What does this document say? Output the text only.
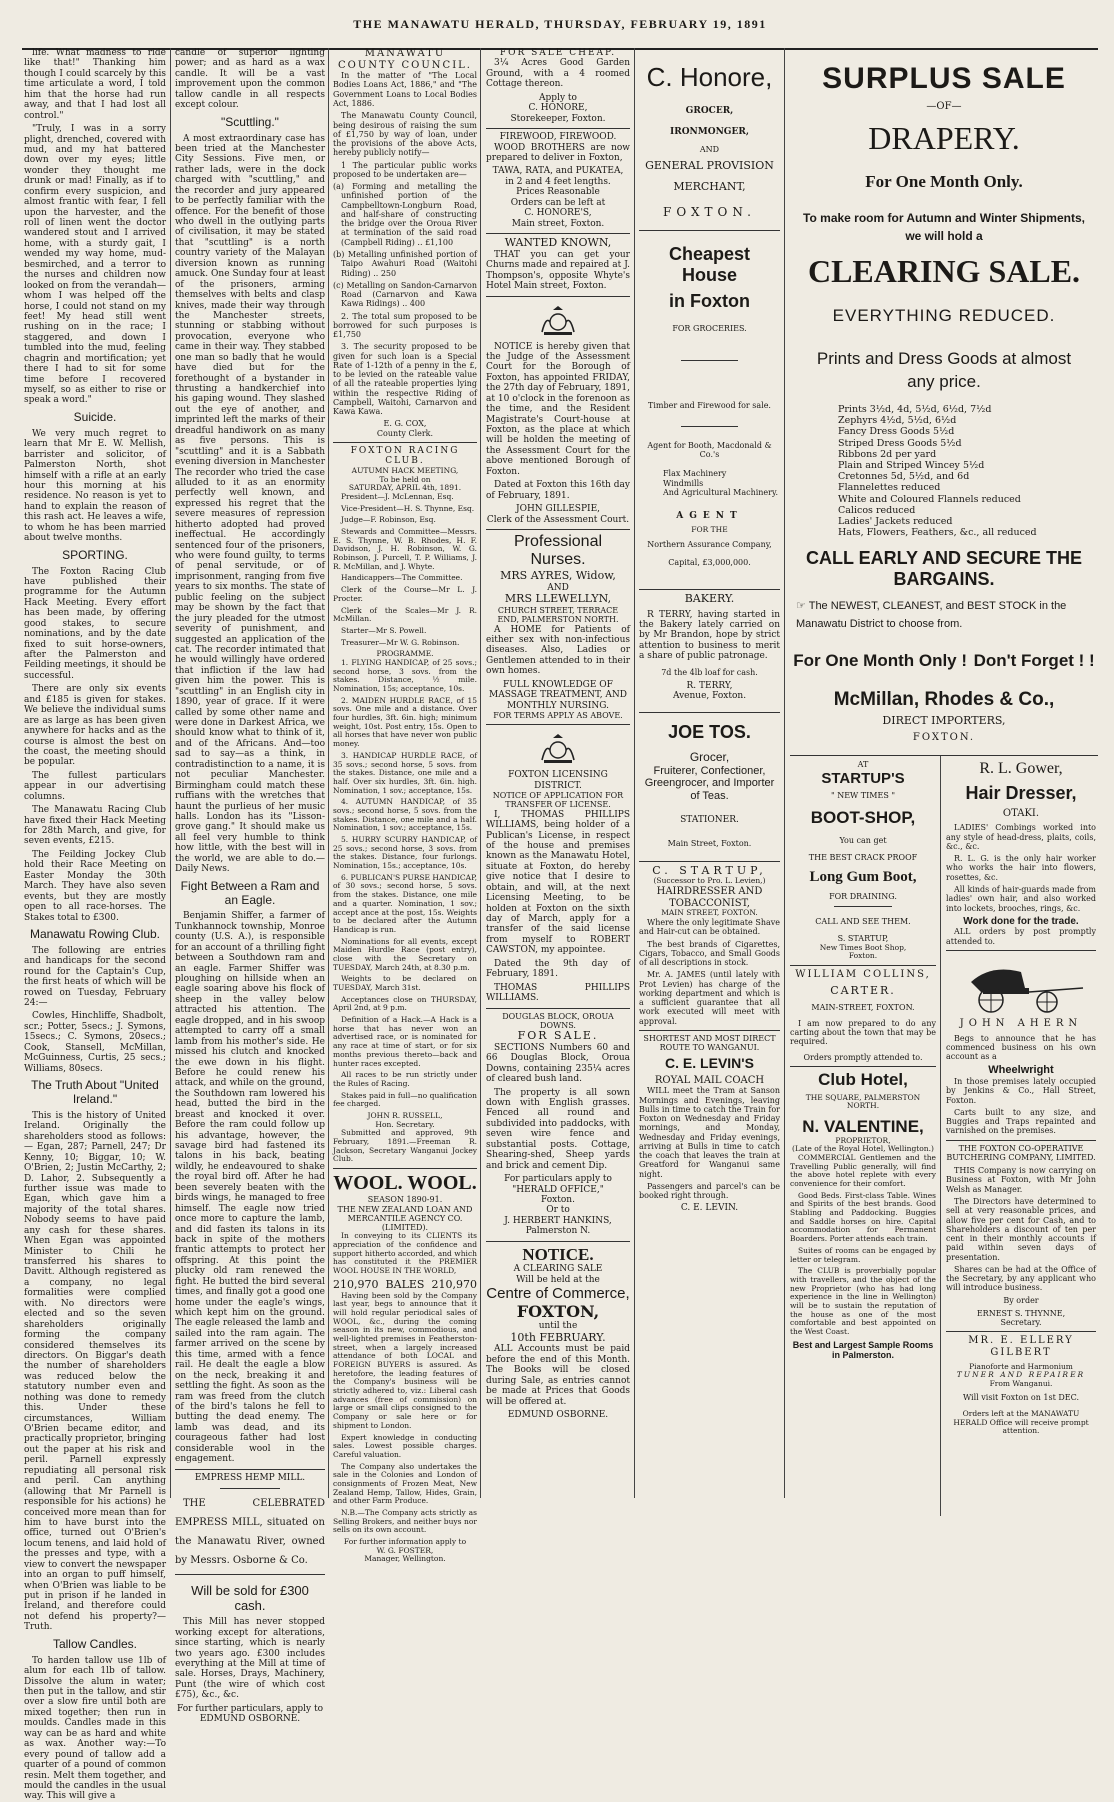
THE MANAWATU HERALD, THURSDAY, FEBRUARY 19, 1891

life. What madness to ride like that!" Thanking him though I could scarcely by this time articulate a word, I told him that the horse had run away, and that I had lost all control."

"Truly, I was in a sorry plight, drenched, covered with mud, and my hat battered down over my eyes; little wonder they thought me drunk or mad! Finally, as if to confirm every suspicion, and almost frantic with fear, I fell upon the harvester, and the roll of linen went the doctor wandered stout and I arrived home, with a sturdy gait, I wended my way home, mud-besmirched, and a terror to the nurses and children now looked on from the verandah—whom I was helped off the horse, I could not stand on my feet! My head still went rushing on in the race; I staggered, and down I tumbled into the mud, feeling chagrin and mortification; yet there I had to sit for some time before I recovered myself, so as either to rise or speak a word."

Suicide.

We very much regret to learn that Mr E. W. Mellish, barrister and solicitor, of Palmerston North, shot himself with a rifle at an early hour this morning at his residence. No reason is yet to hand to explain the reason of this rash act. He leaves a wife, to whom he has been married about twelve months.

SPORTING.

The Foxton Racing Club have published their programme for the Autumn Hack Meeting. Every effort has been made, by offering good stakes, to secure nominations, and by the date fixed to suit horse-owners, after the Palmerston and Feilding meetings, it should be successful.

There are only six events and £185 is given for stakes. We believe the individual sums are as large as has been given anywhere for hacks and as the course is almost the best on the coast, the meeting should be popular.

The fullest particulars appear in our advertising columns.

The Manawatu Racing Club have fixed their Hack Meeting for 28th March, and give, for seven events, £215.

The Feilding Jockey Club hold their Race Meeting on Easter Monday the 30th March. They have also seven events, but they are mostly open to all race-horses. The Stakes total to £300.

Manawatu Rowing Club.

The following are entries and handicaps for the second round for the Captain's Cup, the first heats of which will be rowed on Tuesday, February 24:—

Cowles, Hinchliffe, Shadbolt, scr.; Potter, 5secs.; J. Symons, 15secs.; C. Symons, 20secs.; Cook, Stansell, McMillan, McGuinness, Curtis, 25 secs.; Williams, 80secs.

The Truth About "United Ireland."

This is the history of United Ireland. Originally the shareholders stood as follows:— Egan, 287; Parnell, 247; Dr Kenny, 10; Biggar, 10; W. O'Brien, 2; Justin McCarthy, 2; D. Lahor, 2. Subsequently a further issue was made to Egan, which gave him a majority of the total shares. Nobody seems to have paid any cash for these shares. When Egan was appointed Minister to Chili he transferred his shares to Davitt. Although registered as a company, no legal formalities were complied with. No directors were elected and so the seven shareholders originally forming the company considered themselves its directors. On Biggar's death the number of shareholders was reduced below the statutory number even and nothing was done to remedy this. Under these circumstances, William O'Brien became editor, and practically proprietor, bringing out the paper at his risk and peril. Parnell expressly repudiating all personal risk and peril. Can anything (allowing that Mr Parnell is responsible for his actions) he conceived more mean than for him to have burst into the office, turned out O'Brien's locum tenens, and laid hold of the presses and type, with a view to convert the newspaper into an organ to puff himself, when O'Brien was liable to be put in prison if he landed in Ireland, and therefore could not defend his property?— Truth.

Tallow Candles.

To harden tallow use 1lb of alum for each 1lb of tallow. Dissolve the alum in water; then put in the tallow, and stir over a slow fire until both are mixed together; then run in moulds. Candles made in this way can be as hard and white as wax. Another way:—To every pound of tallow add a quarter of a pound of common resin. Melt them together, and mould the candles in the usual way. This will give a

candle of superior lighting power; and as hard as a wax candle. It will be a vast improvement upon the common tallow candle in all respects except colour.

"Scuttling."

A most extraordinary case has been tried at the Manchester City Sessions. Five men, or rather lads, were in the dock charged with "scuttling," and the recorder and jury appeared to be perfectly familiar with the offence. For the benefit of those who dwell in the outlying parts of civilisation, it may be stated that "scuttling" is a north country variety of the Malayan diversion known as running amuck. One Sunday four at least of the prisoners, arming themselves with belts and clasp knives, made their way through the Manchester streets, stunning or stabbing without provocation, everyone who came in their way. They stabbed one man so badly that he would have died but for the forethought of a bystander in thrusting a handkerchief into his gaping wound. They slashed out the eye of another, and imprinted left the marks of their dreadful handiwork on as many as five persons. This is "scuttling" and it is a Sabbath evening diversion in Manchester The recorder who tried the case alluded to it as an enormity perfectly well known, and expressed his regret that the severe measures of repression hitherto adopted had proved ineffectual. He accordingly sentenced four of the prisoners, who were found guilty, to terms of penal servitude, or of imprisonment, ranging from five years to six months. The state of public feeling on the subject may be shown by the fact that the jury pleaded for the utmost severity of punishment, and suggested an application of the cat. The recorder intimated that he would willingly have ordered that infliction if the law had given him the power. This is "scuttling" in an English city in 1890, year of grace. If it were called by some other name and were done in Darkest Africa, we should know what to think of it, and of the Africans. And—too sad to say—as a think, in contradistinction to a name, it is not peculiar Manchester. Birmingham could match these ruffians with the wretches that haunt the purlieus of her music halls. London has its "Lisson-grove gang." It should make us all feel very humble to think how little, with the best will in the world, we are able to do.—Daily News.

Fight Between a Ram and an Eagle.

Benjamin Shiffer, a farmer of Tunkhannock township, Monroe county (U.S. A.), is responsible for an account of a thrilling fight between a Southdown ram and an eagle. Farmer Shiffer was ploughing on hillside when an eagle soaring above his flock of sheep in the valley below attracted his attention. The eagle dropped, and in his swoop attempted to carry off a small lamb from his mother's side. He missed his clutch and knocked the ewe down in his flight. Before he could renew his attack, and while on the ground, the Southdown ram lowered his head, butted the bird in the breast and knocked it over. Before the ram could follow up his advantage, however, the savage bird had fastened its talons in his back, beating wildly, he endeavoured to shake the royal bird off. After he had been severely beaten with the birds wings, he managed to free himself. The eagle now tried once more to capture the lamb, and did fasten its talons in its back in spite of the mothers frantic attempts to protect her offspring. At this point the plucky old ram renewed the fight. He butted the bird several times, and finally got a good one home under the eagle's wings, which kept him on the ground. The eagle released the lamb and sailed into the ram again. The farmer arrived on the scene by this time, armed with a fence rail. He dealt the eagle a blow on the neck, breaking it and settling the fight. As soon as the ram was freed from the clutch of the bird's talons he fell to butting the dead enemy. The lamb was dead, and its courageous father had lost considerable wool in the engagement.

EMPRESS HEMP MILL.

THE CELEBRATED EMPRESS MILL, situated on the Manawatu River, owned by Messrs. Osborne & Co.

Will be sold for £300 cash.

This Mill has never stopped working except for alterations, since starting, which is nearly two years ago. £300 includes everything at the Mill at time of sale. Horses, Drays, Machinery, Punt (the wire of which cost £75), &c., &c.

For further particulars, apply to
EDMUND OSBORNE.
MANAWATU COUNTY COUNCIL.

In the matter of "The Local Bodies Loans Act, 1886," and "The Government Loans to Local Bodies Act, 1886.

The Manawatu County Council, being desirous of raising the sum of £1,750 by way of loan, under the provisions of the above Acts, hereby publicly notify—

1 The particular public works proposed to be undertaken are—

(a) Forming and metalling the unfinished portion of the Campbelltown-Longburn Road, and half-share of constructing the bridge over the Oroua River at termination of the said road (Campbell Riding) .. £1,100

(b) Metalling unfinished portion of Taipo Awahuri Road (Waitohi Riding) .. 250

(c) Metalling on Sandon-Carnarvon Road (Carnarvon and Kawa Kawa Ridings) .. 400

2. The total sum proposed to be borrowed for such purposes is £1,750

3. The security proposed to be given for such loan is a Special Rate of 1-12th of a penny in the £, to be levied on the rateable value of all the rateable properties lying within the respective Riding of Campbell, Waitohi, Carnarvon and Kawa Kawa.

E. G. COX,
County Clerk.
FOXTON RACING CLUB.
AUTUMN HACK MEETING,
To be held on
SATURDAY, APRIL 4th, 1891.

President—J. McLennan, Esq.

Vice-President—H. S. Thynne, Esq.

Judge—F. Robinson, Esq.

Stewards and Committee—Messrs. E. S. Thynne, W. B. Rhodes, H. F. Davidson, J. H. Robinson, W. G. Robinson, J. Purcell, T. P. Williams, J. R. McMillan, and J. Whyte.

Handicappers—The Committee.

Clerk of the Course—Mr L. J. Procter.

Clerk of the Scales—Mr J. R. McMillan.

Starter—Mr S. Powell.

Treasurer—Mr W. G. Robinson.

PROGRAMME.

1. FLYING HANDICAP, of 25 sovs.; second horse, 3 sovs. from the stakes. Distance, ½ mile. Nomination, 15s; acceptance, 10s.

2. MAIDEN HURDLE RACE, of 15 sovs. One mile and a distance. Over four hurdles, 3ft. 6in. high; minimum weight, 10st. Post entry, 15s. Open to all horses that have never won public money.

3. HANDICAP HURDLE RACE, of 35 sovs.; second horse, 5 sovs. from the stakes. Distance, one mile and a half. Over six hurdles, 3ft. 6in. high. Nomination, 1 sov.; acceptance, 15s.

4. AUTUMN HANDICAP, of 35 sovs.; second horse, 5 sovs. from the stakes. Distance, one mile and a half. Nomination, 1 sov.; acceptance, 15s.

5. HURRY SCURRY HANDICAP, of 25 sovs.; second horse, 3 sovs. from the stakes. Distance, four furlongs. Nomination, 15s.; acceptance, 10s.

6. PUBLICAN'S PURSE HANDICAP, of 30 sovs.; second horse, 5 sovs. from the stakes. Distance, one mile and a quarter. Nomination, 1 sov.; accept ance at the post, 15s. Weights to be declared after the Autumn Handicap is run.

Nominations for all events, except Maiden Hurdle Race (post entry), close with the Secretary on TUESDAY, March 24th, at 8.30 p.m.

Weights to be declared on TUESDAY, March 31st.

Acceptances close on THURSDAY, April 2nd, at 9 p.m.

Definition of a Hack.—A Hack is a horse that has never won an advertised race, or is nominated for any race at time of start, or for six months previous thereto—back and hunter races excepted.

All races to be run strictly under the Rules of Racing.

Stakes paid in full—no qualification fee charged.

JOHN R. RUSSELL,
Hon. Secretary.

Submitted and approved, 9th February, 1891.—Freeman R. Jackson, Secretary Wanganui Jockey Club.

WOOL. WOOL.
SEASON 1890-91.
THE NEW ZEALAND LOAN AND MERCANTILE AGENCY CO.
(LIMITED).

In conveying to its CLIENTS its appreciation of the confidence and support hitherto accorded, and which has constituted it the PREMIER WOOL HOUSE IN THE WORLD,

210,970 BALES 210,970

Having been sold by the Company last year, begs to announce that it will hold regular periodical sales of WOOL, &c., during the coming season in its new, commodious, and well-lighted premises in Featherston-street, when a largely increased attendance of both LOCAL and FOREIGN BUYERS is assured. As heretofore, the leading features of the Company's business will be strictly adhered to, viz.: Liberal cash advances (free of commission) on large or small clips consigned to the Company or sale here or for shipment to London.

Expert knowledge in conducting sales. Lowest possible charges. Careful valuation.

The Company also undertakes the sale in the Colonies and London of consignments of Frozen Meat, New Zealand Hemp, Tallow, Hides, Grain, and other Farm Produce.

N.B.—The Company acts strictly as Selling Brokers, and neither buys nor sells on its own account.

For further information apply to
W. G. FOSTER,
Manager, Wellington.
FOR SALE CHEAP.

3¼ Acres Good Garden Ground, with a 4 roomed Cottage thereon.

Apply to
C. HONORE,
Storekeeper, Foxton.
FIREWOOD, FIREWOOD.

WOOD BROTHERS are now prepared to deliver in Foxton,

TAWA, RATA, and PUKATEA,
in 2 and 4 feet lengths.
Prices Reasonable
Orders can be left at
C. HONORE'S,
Main street, Foxton.
WANTED KNOWN,

THAT you can get your Churns made and repaired at J. Thompson's, opposite Whyte's Hotel Main street, Foxton.

NOTICE is hereby given that the Judge of the Assessment Court for the Borough of Foxton, has appointed FRIDAY, the 27th day of February, 1891, at 10 o'clock in the forenoon as the time, and the Resident Magistrate's Court-house at Foxton, as the place at which will be holden the meeting of the Assessment Court for the above mentioned Borough of Foxton.

Dated at Foxton this 16th day of February, 1891.

JOHN GILLESPIE,
Clerk of the Assessment Court.
Professional Nurses.
MRS AYRES, Widow,
AND
MRS LLEWELLYN,
CHURCH STREET, TERRACE END, PALMERSTON NORTH.

A HOME for Patients of either sex with non-infectious diseases. Also, Ladies or Gentlemen attended to in their own homes.

FULL KNOWLEDGE OF MASSAGE TREATMENT, AND MONTHLY NURSING.
FOR TERMS APPLY AS ABOVE.
FOXTON LICENSING DISTRICT.
NOTICE OF APPLICATION FOR TRANSFER OF LICENSE.

I, THOMAS PHILLIPS WILLIAMS, being holder of a Publican's License, in respect of the house and premises known as the Manawatu Hotel, situate at Foxton, do hereby give notice that I desire to obtain, and will, at the next Licensing Meeting, to be holden at Foxton on the sixth day of March, apply for a transfer of the said license from myself to ROBERT CAWSTON, my appointee.

Dated the 9th day of February, 1891.

THOMAS PHILLIPS WILLIAMS.

DOUGLAS BLOCK, OROUA DOWNS.
FOR SALE.

SECTIONS Numbers 60 and 66 Douglas Block, Oroua Downs, containing 235¼ acres of cleared bush land.

The property is all sown down with English grasses. Fenced all round and subdivided into paddocks, with seven wire fence and substantial posts. Cottage, Shearing-shed, Sheep yards and brick and cement Dip.

For particulars apply to
"HERALD OFFICE,"
Foxton.
Or to
J. HERBERT HANKINS,
Palmerston N.
NOTICE.
A CLEARING SALE
Will be held at the
Centre of Commerce,
FOXTON,
until the
10th FEBRUARY.

ALL Accounts must be paid before the end of this Month. The Books will be closed during Sale, as entries cannot be made at Prices that Goods will be offered at.

EDMUND OSBORNE.
C. Honore,
GROCER,
IRONMONGER,
AND
GENERAL PROVISION
MERCHANT,
FOXTON.
Cheapest House
in Foxton
FOR GROCERIES.
Timber and Firewood for sale.
Agent for Booth, Macdonald & Co.'s
Flax Machinery
Windmills
And Agricultural Machinery.
AGENT
FOR THE
Northern Assurance Company,
Capital, £3,000,000.
BAKERY.

R TERRY, having started in the Bakery lately carried on by Mr Brandon, hope by strict attention to business to merit a share of public patronage.

7d the 4lb loaf for cash.
R. TERRY,
Avenue, Foxton.
JOE TOS.
Grocer,
Fruiterer, Confectioner,
Greengrocer, and Importer of Teas.
STATIONER.
Main Street, Foxton.
C. STARTUP,
(Successor to Pro. L. Levien,)
HAIRDRESSER AND TOBACCONIST,
MAIN STREET, FOXTON.

Where the only legitimate Shave and Hair-cut can be obtained.

The best brands of Cigarettes, Cigars, Tobacco, and Small Goods of all descriptions in stock.

Mr. A. JAMES (until lately with Prot Levien) has charge of the working department and which is a sufficient guarantee that all work executed will meet with approval.

SHORTEST AND MOST DIRECT ROUTE TO WANGANUI.
C. E. LEVIN'S
ROYAL MAIL COACH

WILL meet the Tram at Sanson Mornings and Evenings, leaving Bulls in time to catch the Train for Foxton on Wednesday and Friday mornings, and Monday, Wednesday and Friday evenings, arriving at Bulls in time to catch the coach that leaves the train at Greatford for Wanganui same night.

Passengers and parcel's can be booked right through.

C. E. LEVIN.
SURPLUS SALE
—OF—
DRAPERY.
For One Month Only.
To make room for Autumn and Winter Shipments, we will hold a
CLEARING SALE.
EVERYTHING REDUCED.
Prints and Dress Goods at almost any price.
Prints 3½d, 4d, 5½d, 6½d, 7½d
Zephyrs 4½d, 5½d, 6½d
Fancy Dress Goods 5½d
Striped Dress Goods 5½d
Ribbons 2d per yard
Plain and Striped Wincey 5½d
Cretonnes 5d, 5½d, and 6d
Flannelettes reduced
White and Coloured Flannels reduced
Calicos reduced
Ladies' Jackets reduced
Hats, Flowers, Feathers, &c., all reduced
CALL EARLY AND SECURE THE BARGAINS.
☞ The NEWEST, CLEANEST, and BEST STOCK in the Manawatu District to choose from.
For One Month Only ! Don't Forget ! !
McMillan, Rhodes & Co.,
DIRECT IMPORTERS,
FOXTON.
AT
STARTUP'S
" NEW TIMES "
BOOT-SHOP,
You can get
THE BEST CRACK PROOF
Long Gum Boot,
FOR DRAINING.
CALL AND SEE THEM.
S. STARTUP,
New Times Boot Shop,
Foxton.
WILLIAM COLLINS,
CARTER.
MAIN-STREET, FOXTON.

I am now prepared to do any carting about the town that may be required.

Orders promptly attended to.
Club Hotel,
THE SQUARE, PALMERSTON NORTH.
N. VALENTINE,
PROPRIETOR,
(Late of the Royal Hotel, Wellington.)

COMMERCIAL Gentlemen and the Travelling Public generally, will find the above hotel replete with every convenience for their comfort.

Good Beds. First-class Table. Wines and Spirits of the best brands. Good Stabling and Paddocking. Buggies and Saddle horses on hire. Capital accommodation for Permanent Boarders. Porter attends each train.

Suites of rooms can be engaged by letter or telegram.

The CLUB is proverbially popular with travellers, and the object of the new Proprietor (who has had long experience in the line in Wellington) will be to sustain the reputation of the house as one of the most comfortable and best appointed on the West Coast.

Best and Largest Sample Rooms in Palmerston.
R. L. Gower,
Hair Dresser,
OTAKI.

LADIES' Combings worked into any style of head-dress, plaits, coils, &c., &c.

R. L. G. is the only hair worker who works the hair into flowers, rosettes, &c.

All kinds of hair-guards made from ladies' own hair, and also worked into lockets, brooches, rings, &c.

Work done for the trade.

ALL orders by post promptly attended to.

JOHN AHERN

Begs to announce that he has commenced business on his own account as a

Wheelwright

In those premises lately occupied by Jenkins & Co., Hall Street, Foxton.

Carts built to any size, and Buggies and Traps repainted and varnished on the premises.

THE FOXTON CO-OPERATIVE BUTCHERING COMPANY, LIMITED.

THIS Company is now carrying on Business at Foxton, with Mr John Welsh as Manager.

The Directors have determined to sell at very reasonable prices, and allow five per cent for Cash, and to Shareholders a discount of ten per cent in their monthly accounts if paid within seven days of presentation.

Shares can be had at the Office of the Secretary, by any applicant who will introduce business.

By order
ERNEST S. THYNNE,
Secretary.
MR. E. ELLERY GILBERT
Pianoforte and Harmonium
TUNER AND REPAIRER
From Wanganui.
Will visit Foxton on 1st DEC.
Orders left at the MANAWATU HERALD Office will receive prompt attention.
